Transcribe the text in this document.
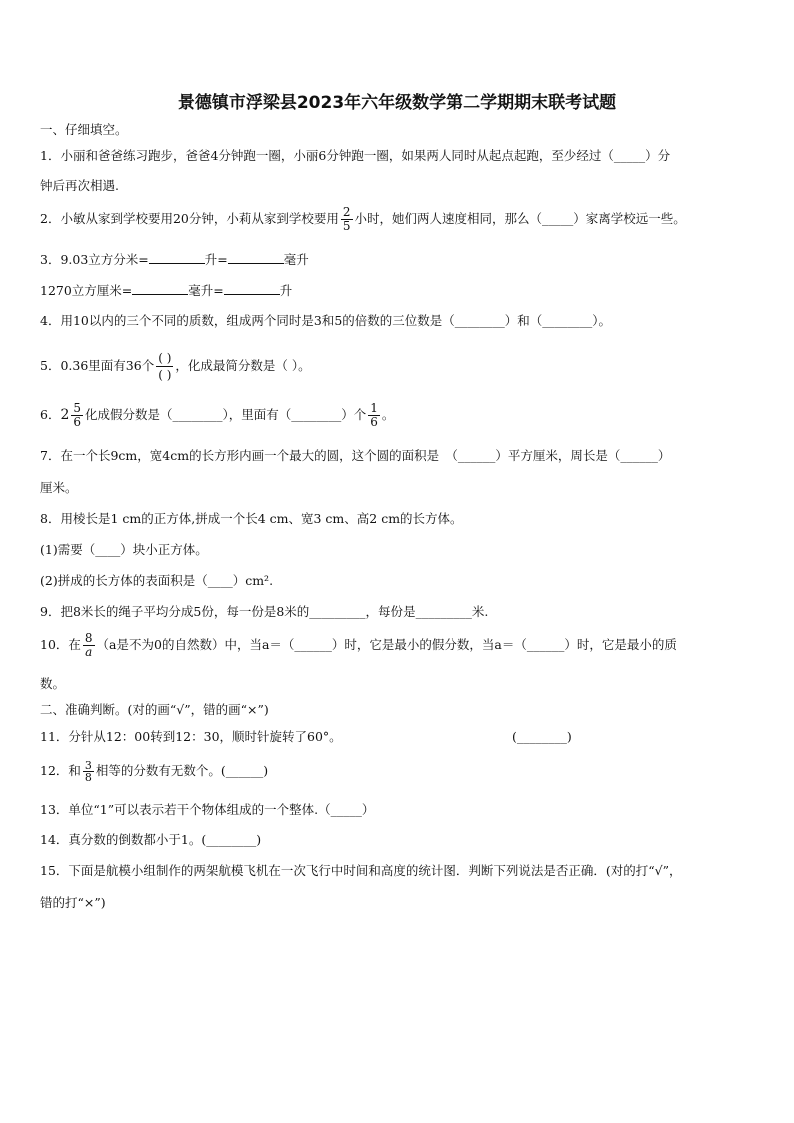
景德镇市浮梁县2023年六年级数学第二学期期末联考试题
一、仔细填空。
1．小丽和爸爸练习跑步，爸爸4分钟跑一圈，小丽6分钟跑一圈，如果两人同时从起点起跑，至少经过（_____）分
钟后再次相遇.
2．小敏从家到学校要用20分钟，小莉从家到学校要用 $\frac{2}{5}$ 小时，她们两人速度相同，那么（_____）家离学校远一些。
3．9.03立方分米=	升=	毫升
1270立方厘米=	毫升=	升
4．用10以内的三个不同的质数，组成两个同时是3和5的倍数的三位数是（________）和（________）。
5．0.36里面有36个 $\frac{( )}{( )}$ ，化成最简分数是（ ）。
6．$2 \frac{5}{6}$ 化成假分数是（________），里面有（________）个 $\frac{1}{6}$ 。
7．在一个长9cm，宽4cm的长方形内画一个最大的圆，这个圆的面积是　（______）平方厘米，周长是（______）
厘米。
8．用棱长是1 cm的正方体,拼成一个长4 cm、宽3 cm、高2 cm的长方体。
(1)需要（____）块小正方体。
(2)拼成的长方体的表面积是（____）cm².
9．把8米长的绳子平均分成5份，每一份是8米的_________，每份是_________米.
10．在 $\frac{8}{a} (a$是不为0的自然数）中，当a＝（______）时，它是最小的假分数，当a＝（______）时，它是最小的质
数。
二、准确判断。(对的画“√”，错的画“×”)
11．分针从12：00转到12：30，顺时针旋转了60°。	(________)
12．和 $\frac{3}{8}$ 相等的分数有无数个。(______)
13．单位“1”可以表示若干个物体组成的一个整体.（_____）
14．真分数的倒数都小于1。(________)
15．下面是航模小组制作的两架航模飞机在一次飞行中时间和高度的统计图．判断下列说法是否正确．(对的打“√”，
错的打“×”)
